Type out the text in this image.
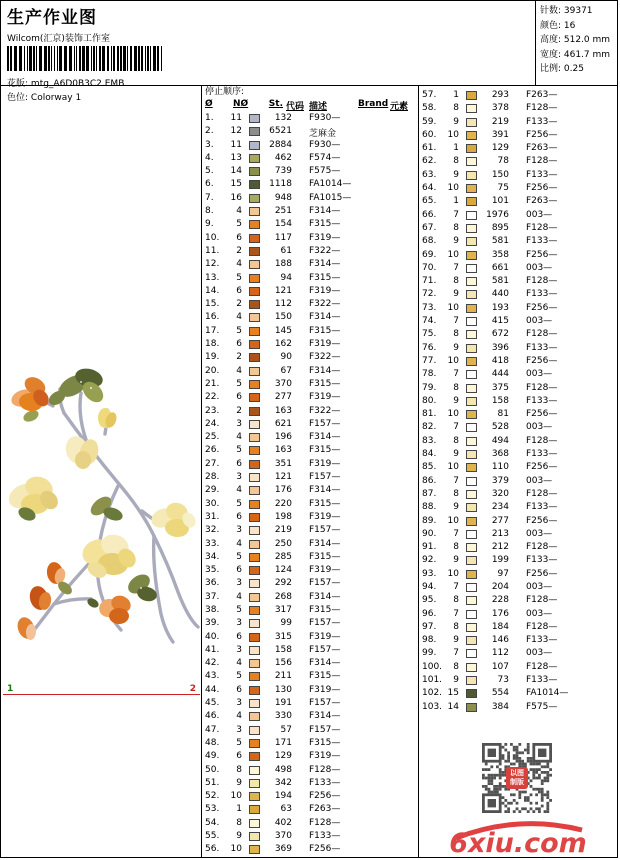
生产作业图
Wilcom(汇京)装饰工作室
花版: mtg_A6D0B3C2.EMB
色位: Colorway 1
针数: 39371
颜色: 16
高度: 512.0 mm
宽度: 461.7 mm
比例: 0.25
1	2
停止顺序:
Ø NØ	St. 代码 描述	Brand 元素
1.	11	132 F930—
2.	12	6521 芝麻金
3.	11	2884 F930—
4.	13	462 F574—
5.	14	739 F575—
6.	15	1118 FA1014—
7.	16	948 FA1015—
8.	4	251 F314—
9.	5	154 F315—
10.	6	117 F319—
11.	2	61 F322—
12.	4	188 F314—
13.	5	94 F315—
14.	6	121 F319—
15.	2	112 F322—
16.	4	150 F314—
17.	5	145 F315—
18.	6	162 F319—
19.	2	90 F322—
20.	4	67 F314—
21.	5	370 F315—
22.	6	277 F319—
23.	2	163 F322—
24.	3	621 F157—
25.	4	196 F314—
26.	5	163 F315—
27.	6	351 F319—
28.	3	121 F157—
29.	4	176 F314—
30.	5	220 F315—
31.	6	198 F319—
32.	3	219 F157—
33.	4	250 F314—
34.	5	285 F315—
35.	6	124 F319—
36.	3	292 F157—
37.	4	268 F314—
38.	5	317 F315—
39.	3	99 F157—
40.	6	315 F319—
41.	3	158 F157—
42.	4	156 F314—
43.	5	211 F315—
44.	6	130 F319—
45.	3	191 F157—
46.	4	330 F314—
47.	3	57 F157—
48.	5	171 F315—
49.	6	129 F319—
50.	8	498 F128—
51.	9	342 F133—
52.	10	194 F256—
53.	1	63 F263—
54.	8	402 F128—
55.	9	370 F133—
56.	10	369 F256—
57.	1	293 F263—
58.	8	378 F128—
59.	9	219 F133—
60.	10	391 F256—
61.	1	129 F263—
62.	8	78 F128—
63.	9	150 F133—
64.	10	75 F256—
65.	1	101 F263—
66.	7	1976 003—
67.	8	895 F128—
68.	9	581 F133—
69.	10	358 F256—
70.	7	661 003—
71.	8	581 F128—
72.	9	440 F133—
73.	10	193 F256—
74.	7	415 003—
75.	8	672 F128—
76.	9	396 F133—
77.	10	418 F256—
78.	7	444 003—
79.	8	375 F128—
80.	9	158 F133—
81.	10	81 F256—
82.	7	528 003—
83.	8	494 F128—
84.	9	368 F133—
85.	10	110 F256—
86.	7	379 003—
87.	8	320 F128—
88.	9	234 F133—
89.	10	277 F256—
90.	7	213 003—
91.	8	212 F128—
92.	9	199 F133—
93.	10	97 F256—
94.	7	204 003—
95.	8	228 F128—
96.	7	176 003—
97.	8	184 F128—
98.	9	146 F133—
99.	7	112 003—
100.	8	107 F128—
101.	9	73 F133—
102. 15	554 FA1014—
103. 14	384 F575—
以图
制版
6xiu.com
